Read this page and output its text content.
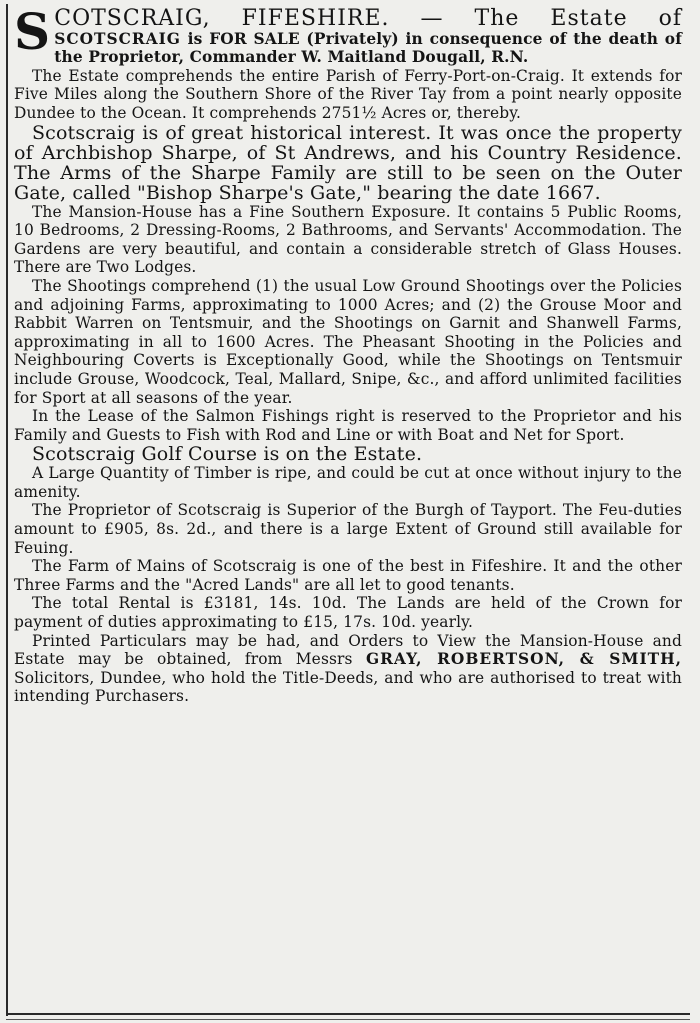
SCOTSCRAIG, FIFESHIRE. — The Estate of SCOTSCRAIG is FOR SALE (Privately) in consequence of the death of the Proprietor, Commander W. Maitland Dougall, R.N.

The Estate comprehends the entire Parish of Ferry-Port-on-Craig. It extends for Five Miles along the Southern Shore of the River Tay from a point nearly opposite Dundee to the Ocean. It comprehends 2751½ Acres or, thereby.

Scotscraig is of great historical interest. It was once the property of Archbishop Sharpe, of St Andrews, and his Country Residence. The Arms of the Sharpe Family are still to be seen on the Outer Gate, called "Bishop Sharpe's Gate," bearing the date 1667.

The Mansion-House has a Fine Southern Exposure. It contains 5 Public Rooms, 10 Bedrooms, 2 Dressing-Rooms, 2 Bathrooms, and Servants' Accommodation. The Gardens are very beautiful, and contain a considerable stretch of Glass Houses. There are Two Lodges.

The Shootings comprehend (1) the usual Low Ground Shootings over the Policies and adjoining Farms, approximating to 1000 Acres; and (2) the Grouse Moor and Rabbit Warren on Tentsmuir, and the Shootings on Garnit and Shanwell Farms, approximating in all to 1600 Acres. The Pheasant Shooting in the Policies and Neighbouring Coverts is Exceptionally Good, while the Shootings on Tentsmuir include Grouse, Woodcock, Teal, Mallard, Snipe, &c., and afford unlimited facilities for Sport at all seasons of the year.

In the Lease of the Salmon Fishings right is reserved to the Proprietor and his Family and Guests to Fish with Rod and Line or with Boat and Net for Sport.

Scotscraig Golf Course is on the Estate.

A Large Quantity of Timber is ripe, and could be cut at once without injury to the amenity.

The Proprietor of Scotscraig is Superior of the Burgh of Tayport. The Feu-duties amount to £905, 8s. 2d., and there is a large Extent of Ground still available for Feuing.

The Farm of Mains of Scotscraig is one of the best in Fifeshire. It and the other Three Farms and the "Acred Lands" are all let to good tenants.

The total Rental is £3181, 14s. 10d. The Lands are held of the Crown for payment of duties approximating to £15, 17s. 10d. yearly.

Printed Particulars may be had, and Orders to View the Mansion-House and Estate may be obtained, from Messrs GRAY, ROBERTSON, & SMITH, Solicitors, Dundee, who hold the Title-Deeds, and who are authorised to treat with intending Purchasers.
